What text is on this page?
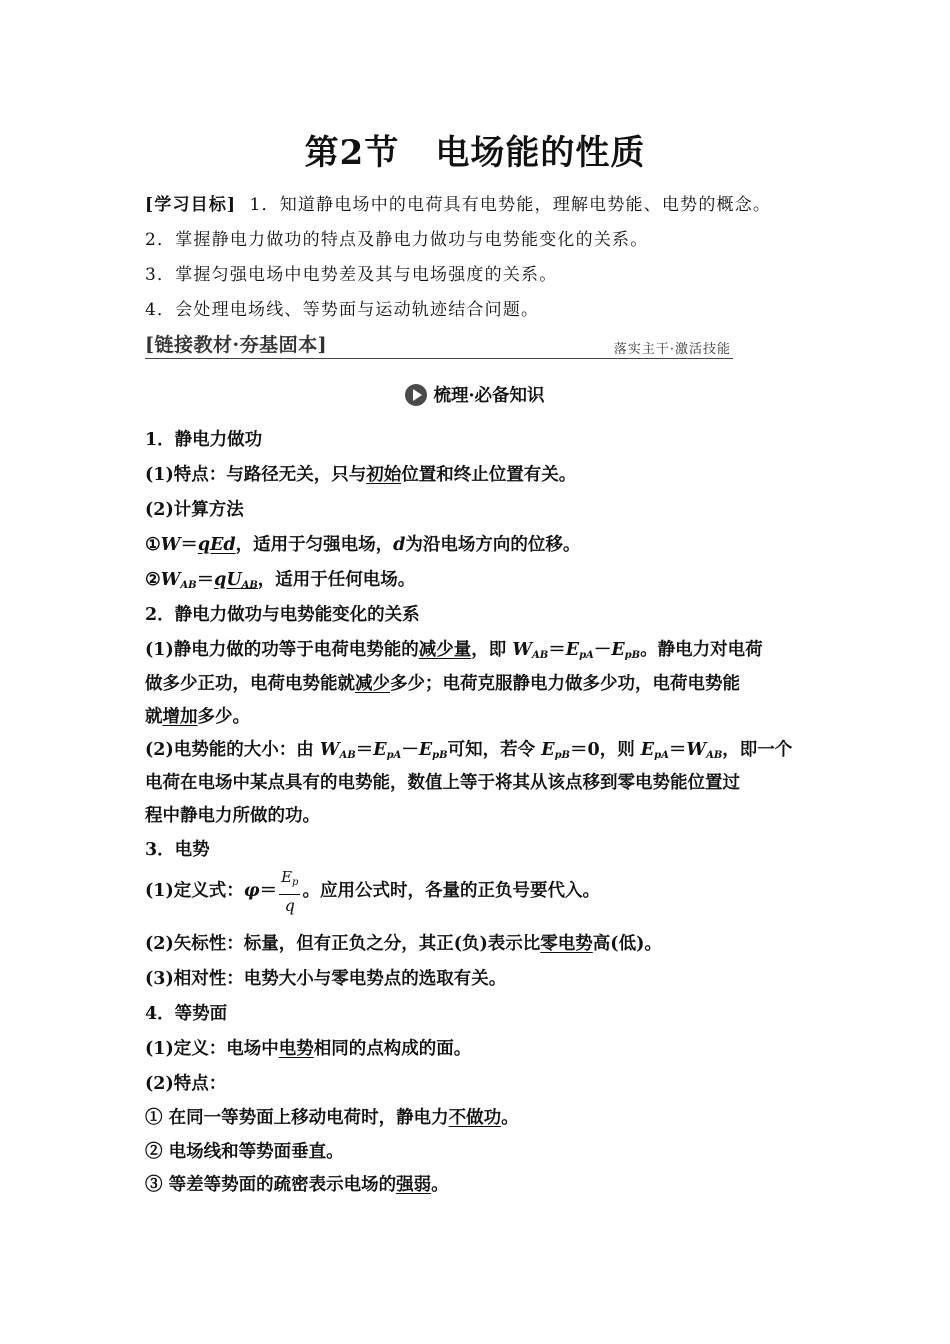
第2节 电场能的性质
[学习目标] 1．知道静电场中的电荷具有电势能，理解电势能、电势的概念。
2．掌握静电力做功的特点及静电力做功与电势能变化的关系。
3．掌握匀强电场中电势差及其与电场强度的关系。
4．会处理电场线、等势面与运动轨迹结合问题。
[链接教材·夯基固本]	落实主干·激活技能
梳理·必备知识
1．静电力做功
(1)特点：与路径无关，只与初始位置和终止位置有关。
(2)计算方法
①W＝qEd，适用于匀强电场，d为沿电场方向的位移。
$②W_{AB}=qU_{AB}$，适用于任何电场。
2．静电力做功与电势能变化的关系
(1)静电力做的功等于电荷电势能的减少量，即 $W_{AB}=E_{pA}-E_{pB}$。静电力对电荷
做多少正功，电荷电势能就减少多少；电荷克服静电力做多少功，电荷电势能
就增加多少。
(2)电势能的大小：由 $W_{AB}=E_{pA}-E_{pB}$可知，若令 $E_{pB}=0$，则 $E_{pA}=W_{AB}$，即一个
电荷在电场中某点具有的电势能，数值上等于将其从该点移到零电势能位置过
程中静电力所做的功。
3．电势
(1)定义式：$\varphi= \frac{E_p}{q}$ 。应用公式时，各量的正负号要代入。
(2)矢标性：标量，但有正负之分，其正(负)表示比零电势高(低)。
(3)相对性：电势大小与零电势点的选取有关。
4．等势面
(1)定义：电场中电势相同的点构成的面。
(2)特点：
① 在同一等势面上移动电荷时，静电力不做功。
② 电场线和等势面垂直。
③ 等差等势面的疏密表示电场的强弱。
